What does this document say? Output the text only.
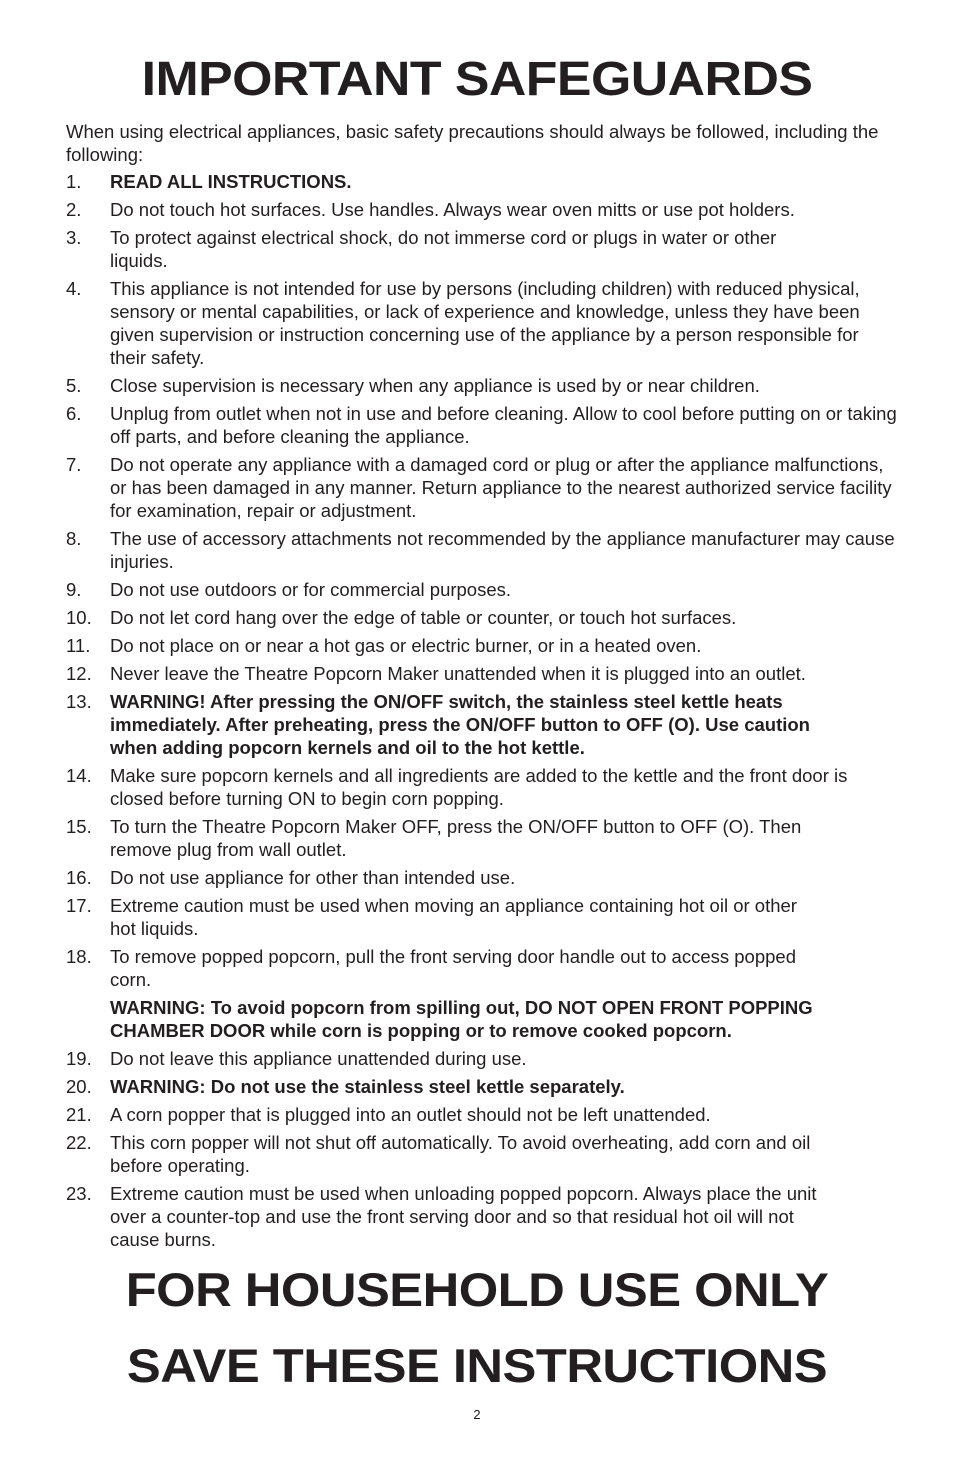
IMPORTANT SAFEGUARDS

When using electrical appliances, basic safety precautions should always be followed, including the following:

1.	READ ALL INSTRUCTIONS.
2.	Do not touch hot surfaces. Use handles. Always wear oven mitts or use pot holders.
3.	To protect against electrical shock, do not immerse cord or plugs in water or other liquids.
4.	This appliance is not intended for use by persons (including children) with reduced physical, sensory or mental capabilities, or lack of experience and knowledge, unless they have been given supervision or instruction concerning use of the appliance by a person responsible for their safety.
5.	Close supervision is necessary when any appliance is used by or near children.
6.	Unplug from outlet when not in use and before cleaning. Allow to cool before putting on or taking off parts, and before cleaning the appliance.
7.	Do not operate any appliance with a damaged cord or plug or after the appliance malfunctions, or has been damaged in any manner. Return appliance to the nearest authorized service facility for examination, repair or adjustment.
8.	The use of accessory attachments not recommended by the appliance manufacturer may cause injuries.
9.	Do not use outdoors or for commercial purposes.
10. Do not let cord hang over the edge of table or counter, or touch hot surfaces.
11.	Do not place on or near a hot gas or electric burner, or in a heated oven.
12. Never leave the Theatre Popcorn Maker unattended when it is plugged into an outlet.
13. WARNING! After pressing the ON/OFF switch, the stainless steel kettle heats immediately. After preheating, press the ON/OFF button to OFF (O). Use caution when adding popcorn kernels and oil to the hot kettle.
14. Make sure popcorn kernels and all ingredients are added to the kettle and the front door is closed before turning ON to begin corn popping.
15. To turn the Theatre Popcorn Maker OFF, press the ON/OFF button to OFF (O). Then remove plug from wall outlet.
16. Do not use appliance for other than intended use.
17. Extreme caution must be used when moving an appliance containing hot oil or other hot liquids.
18. To remove popped popcorn, pull the front serving door handle out to access popped corn.
WARNING: To avoid popcorn from spilling out, DO NOT OPEN FRONT POPPING CHAMBER DOOR while corn is popping or to remove cooked popcorn.
19. Do not leave this appliance unattended during use.
20. WARNING: Do not use the stainless steel kettle separately.
21. A corn popper that is plugged into an outlet should not be left unattended.
22. This corn popper will not shut off automatically. To avoid overheating, add corn and oil before operating.
23. Extreme caution must be used when unloading popped popcorn. Always place the unit over a counter-top and use the front serving door and so that residual hot oil will not cause burns.
FOR HOUSEHOLD USE ONLY
SAVE THESE INSTRUCTIONS
2
